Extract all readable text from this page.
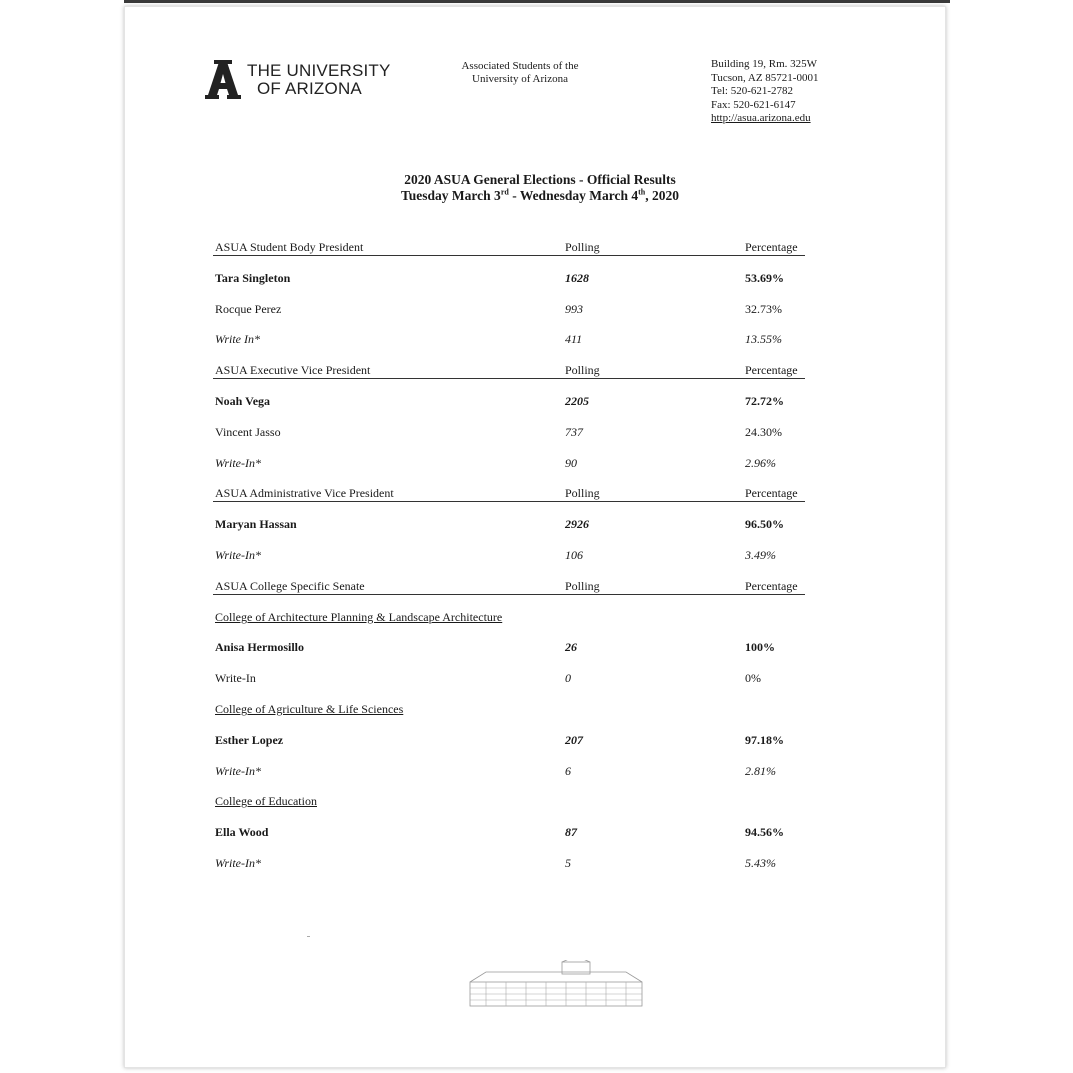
THE UNIVERSITY
OF ARIZONA
Associated Students of the
University of Arizona
Building 19, Rm. 325W
Tucson, AZ 85721-0001
Tel: 520-621-2782
Fax: 520-621-6147
http://asua.arizona.edu
2020 ASUA General Elections - Official Results
Tuesday March 3rd - Wednesday March 4th, 2020
ASUA Student Body President	Polling	Percentage
Tara Singleton	1628	53.69%
Rocque Perez	993	32.73%
Write In*	411	13.55%
ASUA Executive Vice President	Polling	Percentage
Noah Vega	2205	72.72%
Vincent Jasso	737	24.30%
Write-In*	90	2.96%
ASUA Administrative Vice President	Polling	Percentage
Maryan Hassan	2926	96.50%
Write-In*	106	3.49%
ASUA College Specific Senate	Polling	Percentage
College of Architecture Planning & Landscape Architecture
Anisa Hermosillo	26	100%
Write-In	0	0%
College of Agriculture & Life Sciences
Esther Lopez	207	97.18%
Write-In*	6	2.81%
College of Education
Ella Wood	87	94.56%
Write-In*	5	5.43%
